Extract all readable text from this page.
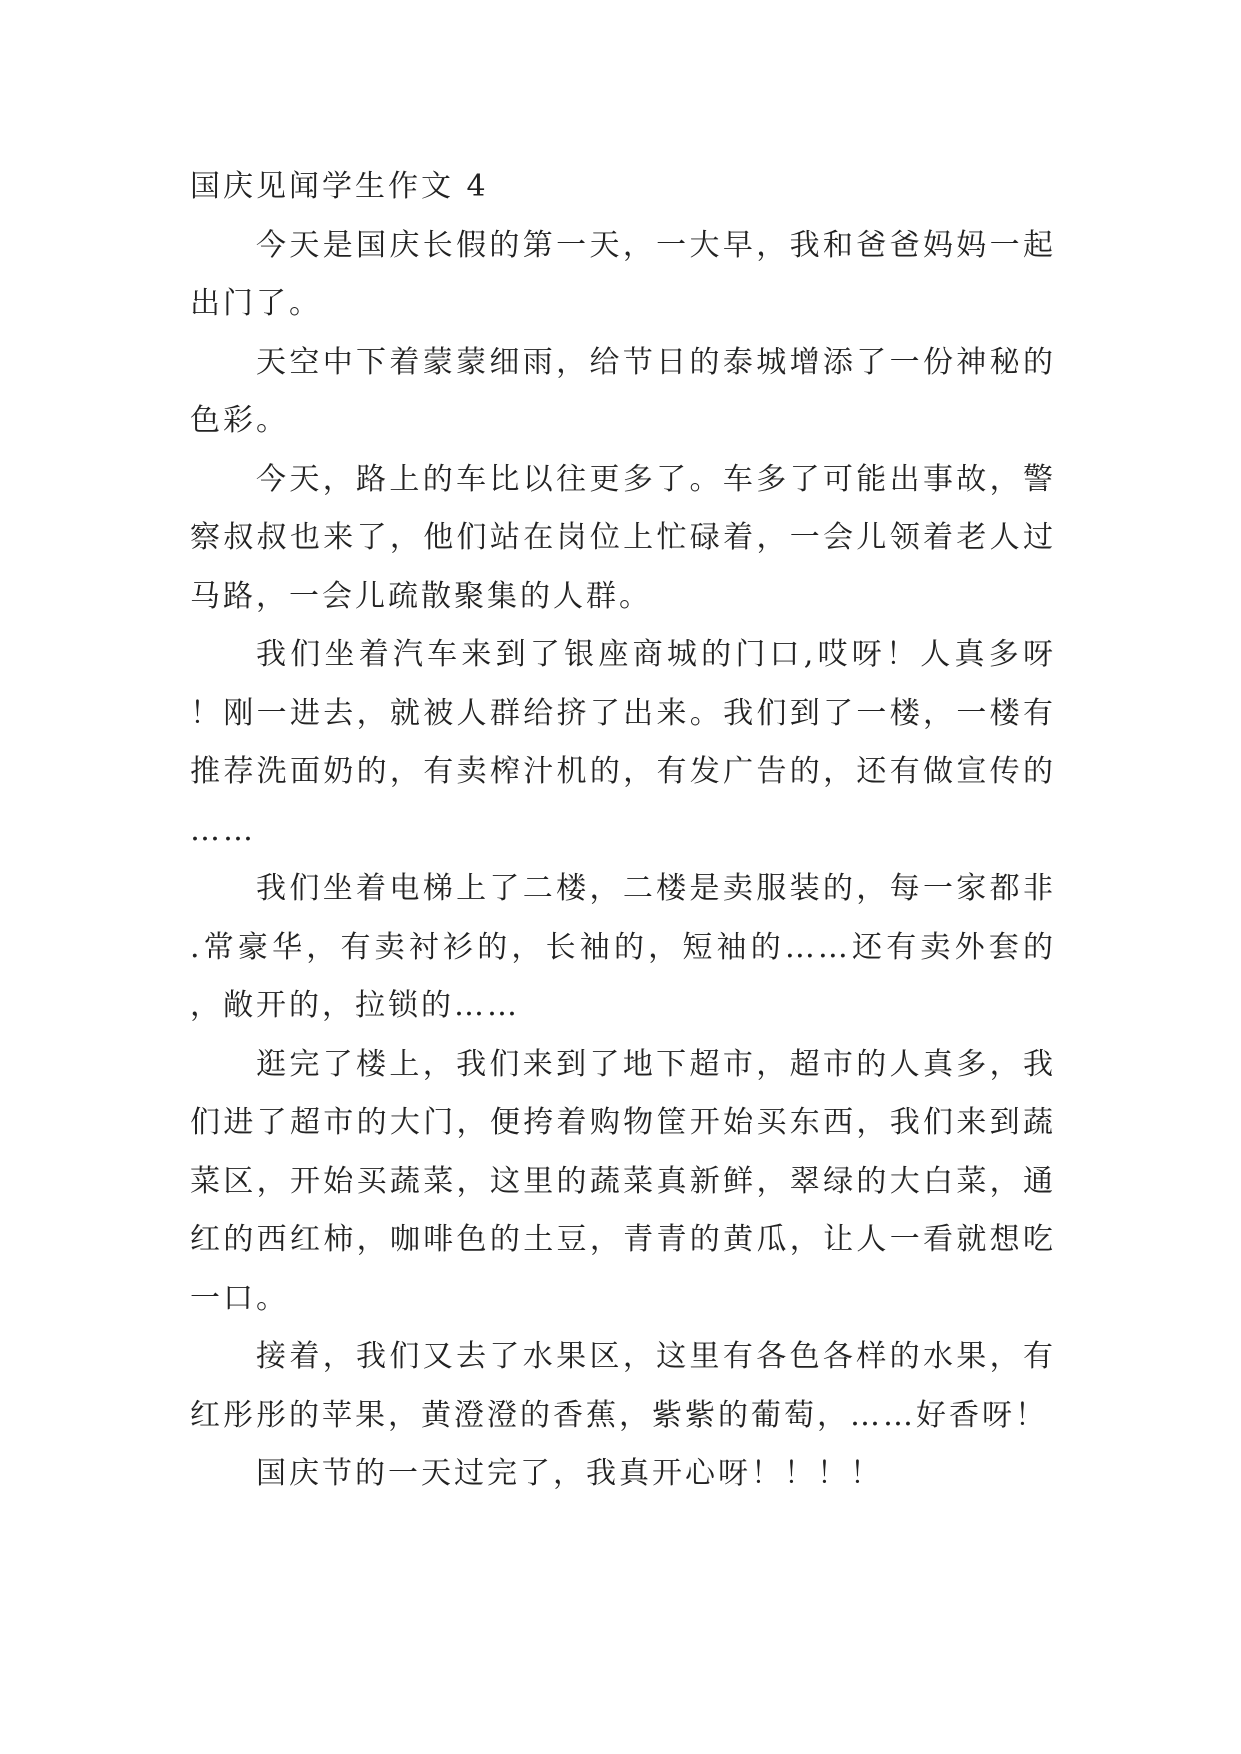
国庆见闻学生作文 4

今天是国庆长假的第一天，一大早，我和爸爸妈妈一起出门了。

天空中下着蒙蒙细雨，给节日的泰城增添了一份神秘的色彩。

今天，路上的车比以往更多了。车多了可能出事故，警察叔叔也来了，他们站在岗位上忙碌着，一会儿领着老人过马路，一会儿疏散聚集的人群。

我们坐着汽车来到了银座商城的门口,哎呀！人真多呀！刚一进去，就被人群给挤了出来。我们到了一楼，一楼有推荐洗面奶的，有卖榨汁机的，有发广告的，还有做宣传的……

我们坐着电梯上了二楼，二楼是卖服装的，每一家都非.常豪华，有卖衬衫的，长袖的，短袖的……还有卖外套的，敞开的，拉锁的……

逛完了楼上，我们来到了地下超市，超市的人真多，我们进了超市的大门，便挎着购物筐开始买东西，我们来到蔬菜区，开始买蔬菜，这里的蔬菜真新鲜，翠绿的大白菜，通红的西红柿，咖啡色的土豆，青青的黄瓜，让人一看就想吃一口。

接着，我们又去了水果区，这里有各色各样的水果，有红彤彤的苹果，黄澄澄的香蕉，紫紫的葡萄，……好香呀！

国庆节的一天过完了，我真开心呀！！！！
